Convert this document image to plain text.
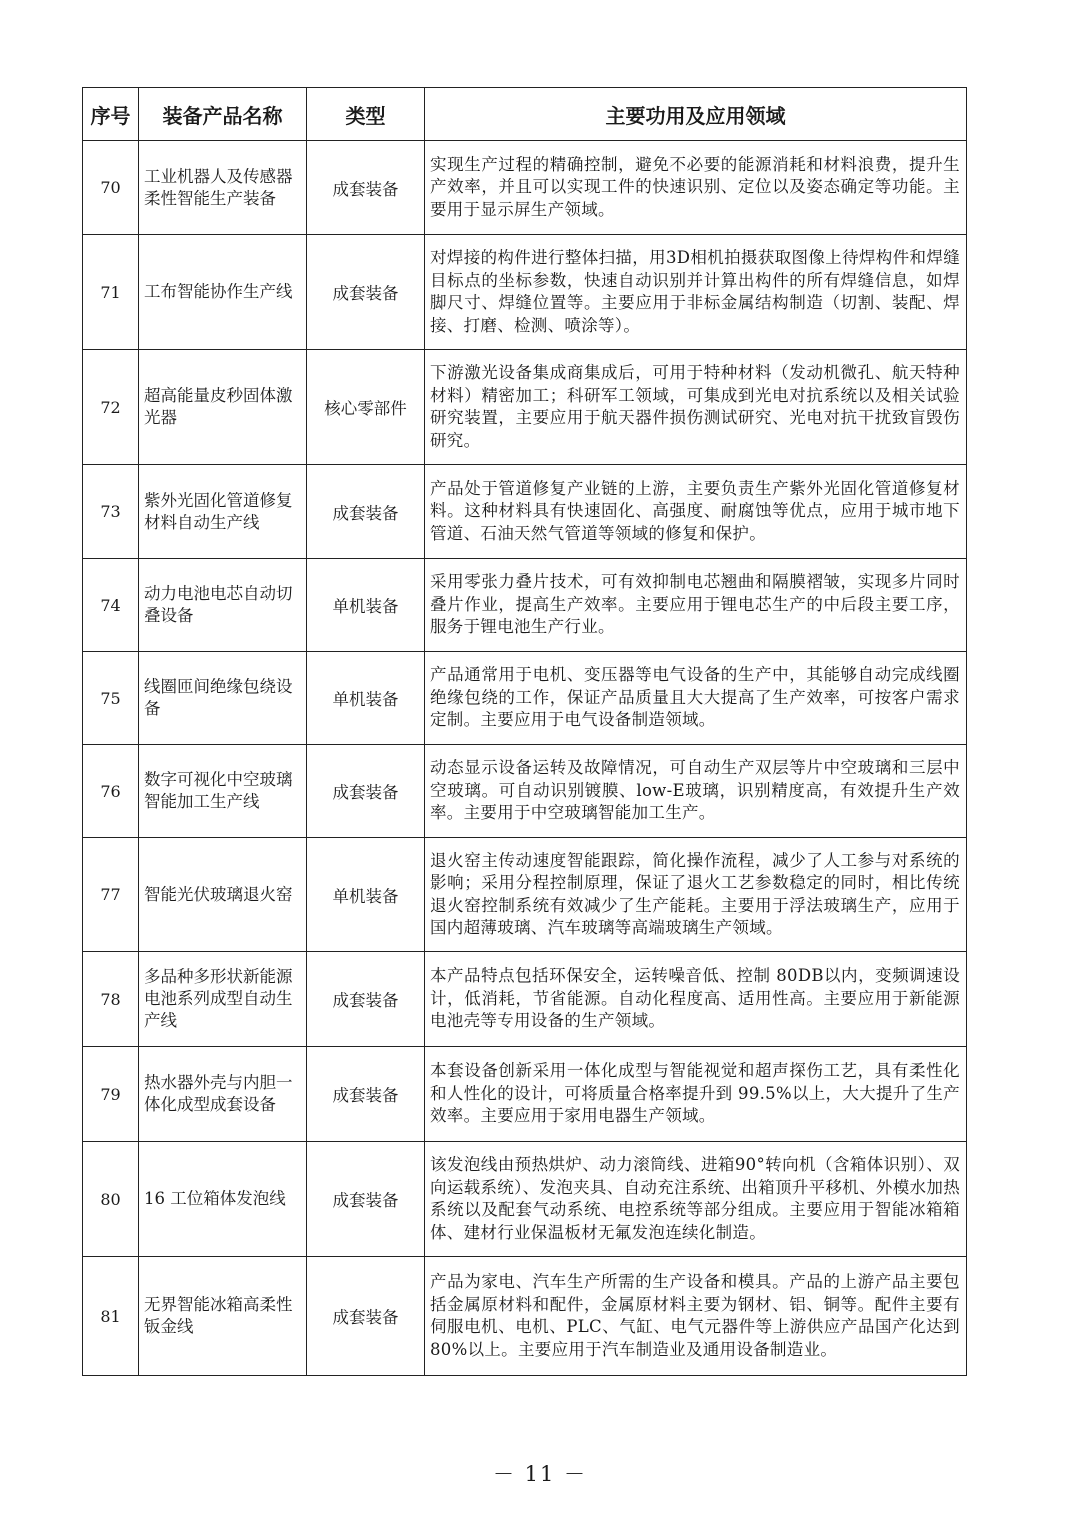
序号	装备产品名称	类型	主要功用及应用领域
70	工业机器人及传感器柔性智能生产装备	成套装备	实现生产过程的精确控制，避免不必要的能源消耗和材料浪费，提升生产效率，并且可以实现工件的快速识别、定位以及姿态确定等功能。主要用于显示屏生产领域。
71	工布智能协作生产线	成套装备	对焊接的构件进行整体扫描，用3D相机拍摄获取图像上待焊构件和焊缝目标点的坐标参数，快速自动识别并计算出构件的所有焊缝信息，如焊脚尺寸、焊缝位置等。主要应用于非标金属结构制造（切割、装配、焊接、打磨、检测、喷涂等）。
72	超高能量皮秒固体激光器	核心零部件	下游激光设备集成商集成后，可用于特种材料（发动机微孔、航天特种材料）精密加工；科研军工领域，可集成到光电对抗系统以及相关试验研究装置，主要应用于航天器件损伤测试研究、光电对抗干扰致盲毁伤研究。
73	紫外光固化管道修复材料自动生产线	成套装备	产品处于管道修复产业链的上游，主要负责生产紫外光固化管道修复材料。这种材料具有快速固化、高强度、耐腐蚀等优点，应用于城市地下管道、石油天然气管道等领域的修复和保护。
74	动力电池电芯自动切叠设备	单机装备	采用零张力叠片技术，可有效抑制电芯翘曲和隔膜褶皱，实现多片同时叠片作业，提高生产效率。主要应用于锂电芯生产的中后段主要工序，服务于锂电池生产行业。
75	线圈匝间绝缘包绕设备	单机装备	产品通常用于电机、变压器等电气设备的生产中，其能够自动完成线圈绝缘包绕的工作，保证产品质量且大大提高了生产效率，可按客户需求定制。主要应用于电气设备制造领域。
76	数字可视化中空玻璃智能加工生产线	成套装备	动态显示设备运转及故障情况，可自动生产双层等片中空玻璃和三层中空玻璃。可自动识别镀膜、low-E玻璃，识别精度高，有效提升生产效率。主要用于中空玻璃智能加工生产。
77	智能光伏玻璃退火窑	单机装备	退火窑主传动速度智能跟踪，简化操作流程，减少了人工参与对系统的影响；采用分程控制原理，保证了退火工艺参数稳定的同时，相比传统退火窑控制系统有效减少了生产能耗。主要用于浮法玻璃生产，应用于国内超薄玻璃、汽车玻璃等高端玻璃生产领域。
78	多品种多形状新能源电池系列成型自动生产线	成套装备	本产品特点包括环保安全，运转噪音低、控制 80DB以内，变频调速设计，低消耗，节省能源。自动化程度高、适用性高。主要应用于新能源电池壳等专用设备的生产领域。
79	热水器外壳与内胆一体化成型成套设备	成套装备	本套设备创新采用一体化成型与智能视觉和超声探伤工艺，具有柔性化和人性化的设计，可将质量合格率提升到 99.5%以上，大大提升了生产效率。主要应用于家用电器生产领域。
80	16 工位箱体发泡线	成套装备	该发泡线由预热烘炉、动力滚筒线、进箱90°转向机（含箱体识别）、双向运载系统）、发泡夹具、自动充注系统、出箱顶升平移机、外模水加热系统以及配套气动系统、电控系统等部分组成。主要应用于智能冰箱箱体、建材行业保温板材无氟发泡连续化制造。
81	无界智能冰箱高柔性钣金线	成套装备	产品为家电、汽车生产所需的生产设备和模具。产品的上游产品主要包括金属原材料和配件，金属原材料主要为钢材、铝、铜等。配件主要有伺服电机、电机、PLC、气缸、电气元器件等上游供应产品国产化达到 80%以上。主要应用于汽车制造业及通用设备制造业。
－ 11 －
